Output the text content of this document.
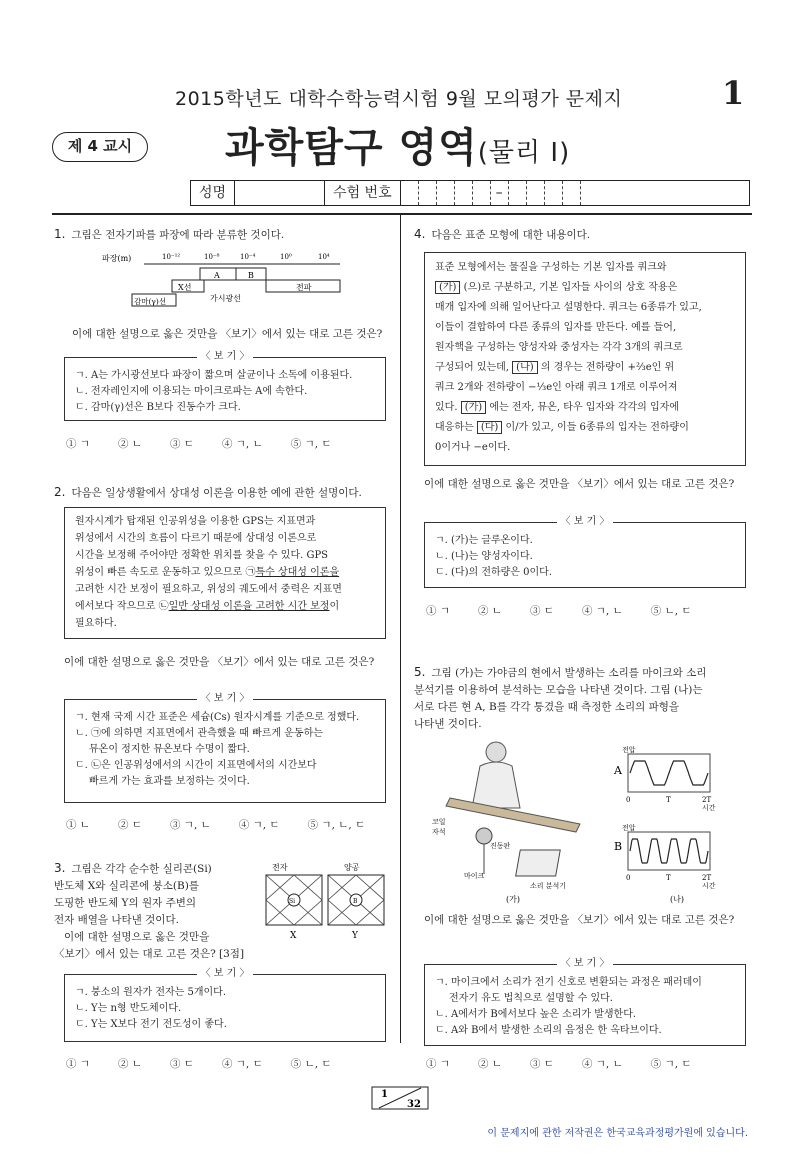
2015학년도 대학수학능력시험 9월 모의평가 문제지	1
제 4 교시	과학탐구 영역(물리 I)
성명	수험 번호	–
1. 그림은 전자기파를 파장에 따라 분류한 것이다.
파장(m)	10⁻¹²	10⁻⁸	10⁻⁴	10⁰	10⁴
A	B
X선
가시광선
전파
감마(γ)선
이에 대한 설명으로 옳은 것만을 〈보기〉에서 있는 대로 고른 것은?
〈 보 기 〉
ㄱ. A는 가시광선보다 파장이 짧으며 살균이나 소독에 이용된다.
ㄴ. 전자레인지에 이용되는 마이크로파는 A에 속한다.
ㄷ. 감마(γ)선은 B보다 진동수가 크다.
① ㄱ	② ㄴ	③ ㄷ	④ ㄱ, ㄴ	⑤ ㄱ, ㄷ
2. 다음은 일상생활에서 상대성 이론을 이용한 예에 관한 설명이다.
원자시계가 탑재된 인공위성을 이용한 GPS는 지표면과
위성에서 시간의 흐름이 다르기 때문에 상대성 이론으로
시간을 보정해 주어야만 정확한 위치를 찾을 수 있다. GPS
위성이 빠른 속도로 운동하고 있으므로 ㉠특수 상대성 이론을
고려한 시간 보정이 필요하고, 위성의 궤도에서 중력은 지표면
에서보다 작으므로 ㉡일반 상대성 이론을 고려한 시간 보정이
필요하다.
이에 대한 설명으로 옳은 것만을 〈보기〉에서 있는 대로 고른 것은?
〈 보 기 〉
ㄱ. 현재 국제 시간 표준은 세슘(Cs) 원자시계를 기준으로 정했다.
ㄴ. ㉠에 의하면 지표면에서 관측했을 때 빠르게 운동하는
뮤온이 정지한 뮤온보다 수명이 짧다.
ㄷ. ㉡은 인공위성에서의 시간이 지표면에서의 시간보다
빠르게 가는 효과를 보정하는 것이다.
① ㄴ	② ㄷ	③ ㄱ, ㄴ	④ ㄱ, ㄷ	⑤ ㄱ, ㄴ, ㄷ
3. 그림은 각각 순수한 실리콘(Si)
반도체 X와 실리콘에 붕소(B)를
도핑한 반도체 Y의 원자 주변의
전자 배열을 나타낸 것이다.
이에 대한 설명으로 옳은 것만을
〈보기〉에서 있는 대로 고른 것은? [3점]
전자	양공
Si	B
X	Y
〈 보 기 〉
ㄱ. 붕소의 원자가 전자는 5개이다.
ㄴ. Y는 n형 반도체이다.
ㄷ. Y는 X보다 전기 전도성이 좋다.
① ㄱ	② ㄴ	③ ㄷ	④ ㄱ, ㄷ	⑤ ㄴ, ㄷ
4. 다음은 표준 모형에 대한 내용이다.
표준 모형에서는 물질을 구성하는 기본 입자를 쿼크와
(가) (으)로 구분하고, 기본 입자들 사이의 상호 작용은
매개 입자에 의해 일어난다고 설명한다. 쿼크는 6종류가 있고,
이들이 결합하여 다른 종류의 입자를 만든다. 예를 들어,
원자핵을 구성하는 양성자와 중성자는 각각 3개의 쿼크로
구성되어 있는데, (나) 의 경우는 전하량이 +⅔e인 위
쿼크 2개와 전하량이 −⅓e인 아래 쿼크 1개로 이루어져
있다. (가) 에는 전자, 뮤온, 타우 입자와 각각의 입자에
대응하는 (다) 이/가 있고, 이들 6종류의 입자는 전하량이
0이거나 −e이다.
이에 대한 설명으로 옳은 것만을 〈보기〉에서 있는 대로 고른 것은?
〈 보 기 〉
ㄱ. (가)는 글루온이다.
ㄴ. (나)는 양성자이다.
ㄷ. (다)의 전하량은 0이다.
① ㄱ	② ㄴ	③ ㄷ	④ ㄱ, ㄴ	⑤ ㄴ, ㄷ
5. 그림 (가)는 가야금의 현에서 발생하는 소리를 마이크와 소리
분석기를 이용하여 분석하는 모습을 나타낸 것이다. 그림 (나)는
서로 다른 현 A, B를 각각 퉁겼을 때 측정한 소리의 파형을
나타낸 것이다.
코일
자석
진동판
마이크
소리 분석기
(가)	(나)
전압
A
0	T	2T
시간
전압
B
0	T	2T
시간
이에 대한 설명으로 옳은 것만을 〈보기〉에서 있는 대로 고른 것은?
〈 보 기 〉
ㄱ. 마이크에서 소리가 전기 신호로 변환되는 과정은 패러데이
전자기 유도 법칙으로 설명할 수 있다.
ㄴ. A에서가 B에서보다 높은 소리가 발생한다.
ㄷ. A와 B에서 발생한 소리의 음정은 한 옥타브이다.
① ㄱ	② ㄴ	③ ㄷ	④ ㄱ, ㄴ	⑤ ㄱ, ㄷ
1
32
이 문제지에 관한 저작권은 한국교육과정평가원에 있습니다.
